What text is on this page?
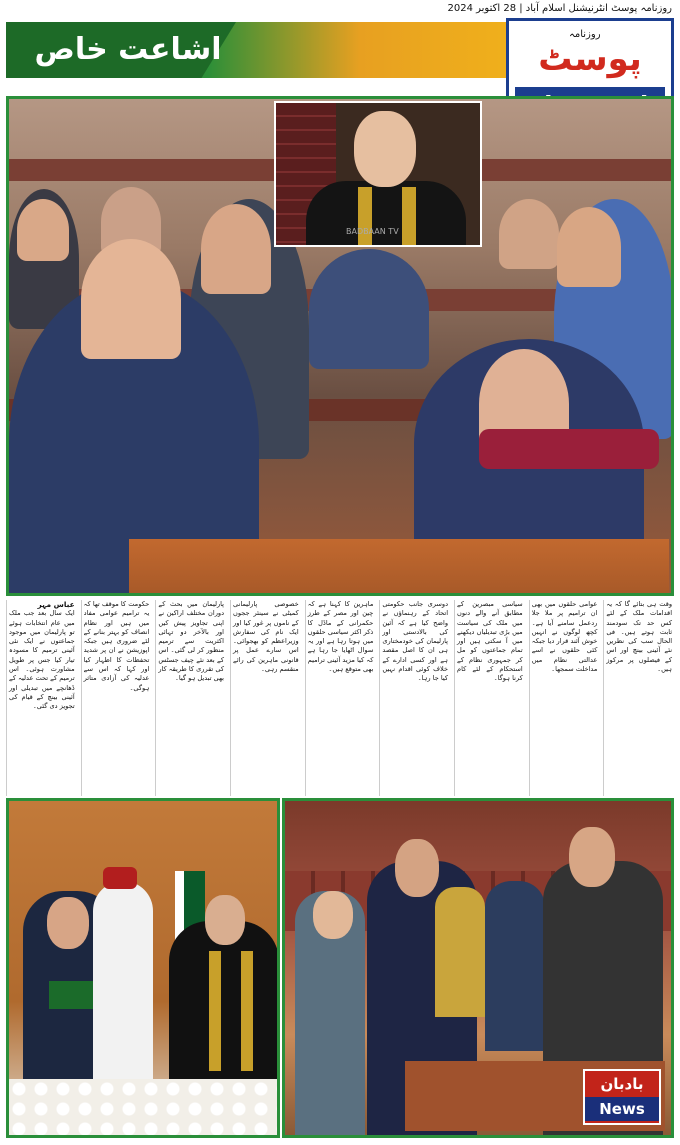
روزنامہ پوسٹ انٹرنیشنل اسلام آباد | 28 اکتوبر 2024
اشاعت خاص	روزنامہ
پوسٹ
BADBAAN TV
عباس مہر
ایک سال بعد جب ملک میں عام انتخابات ہوئے تو پارلیمان میں موجود جماعتوں نے ایک نئی آئینی ترمیم کا مسودہ تیار کیا جس پر طویل مشاورت ہوئی۔ اس ترمیم کے تحت عدلیہ کے ڈھانچے میں تبدیلی اور آئینی بینچ کے قیام کی تجویز دی گئی۔
حکومت کا موقف تھا کہ یہ ترامیم عوامی مفاد میں ہیں اور نظام انصاف کو بہتر بنانے کے لئے ضروری ہیں جبکہ اپوزیشن نے ان پر شدید تحفظات کا اظہار کیا اور کہا کہ اس سے عدلیہ کی آزادی متاثر ہوگی۔
پارلیمان میں بحث کے دوران مختلف اراکین نے اپنی تجاویز پیش کیں اور بالآخر دو تہائی اکثریت سے ترمیم منظور کر لی گئی۔ اس کے بعد نئے چیف جسٹس کی تقرری کا طریقہ کار بھی تبدیل ہو گیا۔
خصوصی پارلیمانی کمیٹی نے سینئر ججوں کے ناموں پر غور کیا اور ایک نام کی سفارش وزیراعظم کو بھجوائی۔ اس سارے عمل پر قانونی ماہرین کی رائے منقسم رہی۔
ماہرین کا کہنا ہے کہ چین اور مصر کے طرز حکمرانی کے ماڈل کا ذکر اکثر سیاسی حلقوں میں ہوتا رہا ہے اور یہ سوال اٹھایا جا رہا ہے کہ کیا مزید آئینی ترامیم بھی متوقع ہیں۔
دوسری جانب حکومتی اتحاد کے رہنماؤں نے واضح کیا ہے کہ آئین کی بالادستی اور پارلیمان کی خودمختاری ہی ان کا اصل مقصد ہے اور کسی ادارے کے خلاف کوئی اقدام نہیں کیا جا رہا۔
سیاسی مبصرین کے مطابق آنے والے دنوں میں ملک کی سیاست میں بڑی تبدیلیاں دیکھنے میں آ سکتی ہیں اور تمام جماعتوں کو مل کر جمہوری نظام کے استحکام کے لئے کام کرنا ہوگا۔
عوامی حلقوں میں بھی ان ترامیم پر ملا جلا ردعمل سامنے آیا ہے۔ کچھ لوگوں نے انہیں خوش آئند قرار دیا جبکہ کئی حلقوں نے اسے عدالتی نظام میں مداخلت سمجھا۔
وقت ہی بتائے گا کہ یہ اقدامات ملک کے لئے کس حد تک سودمند ثابت ہوتے ہیں۔ فی الحال سب کی نظریں نئے آئینی بینچ اور اس کے فیصلوں پر مرکوز ہیں۔
بادبان
News
